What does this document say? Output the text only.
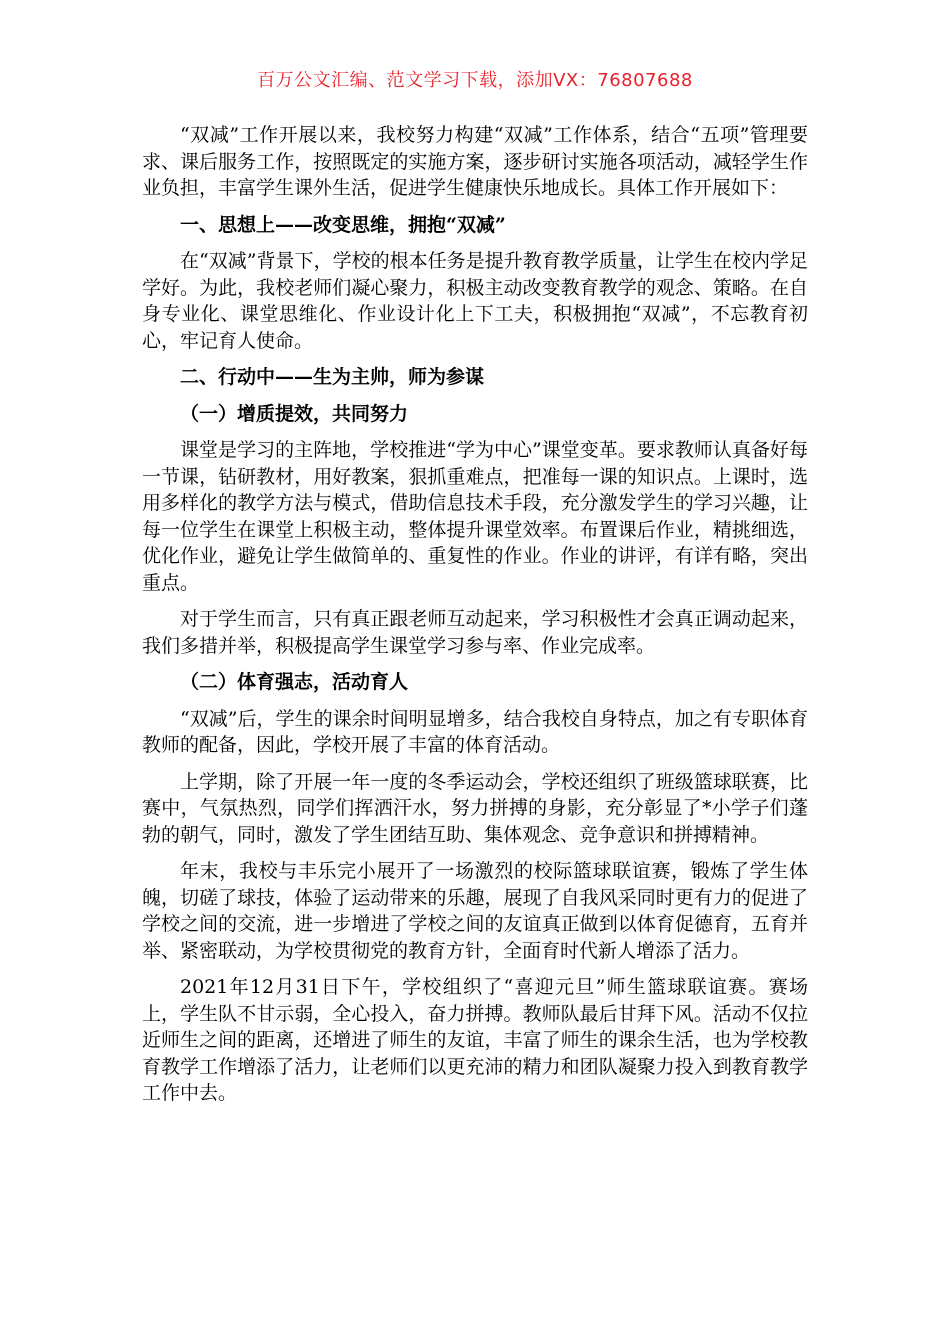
百万公文汇编、范文学习下载，添加VX：76807688

“双减”工作开展以来，我校努力构建“双减”工作体系，结合“五项”管理要求、课后服务工作，按照既定的实施方案，逐步研讨实施各项活动，减轻学生作业负担，丰富学生课外生活，促进学生健康快乐地成长。具体工作开展如下：

一、思想上——改变思维，拥抱“双减”

在“双减”背景下，学校的根本任务是提升教育教学质量，让学生在校内学足学好。为此，我校老师们凝心聚力，积极主动改变教育教学的观念、策略。在自身专业化、课堂思维化、作业设计化上下工夫，积极拥抱“双减”，不忘教育初心，牢记育人使命。

二、行动中——生为主帅，师为参谋

（一）增质提效，共同努力

课堂是学习的主阵地，学校推进“学为中心”课堂变革。要求教师认真备好每一节课，钻研教材，用好教案，狠抓重难点，把准每一课的知识点。上课时，选用多样化的教学方法与模式，借助信息技术手段，充分激发学生的学习兴趣，让每一位学生在课堂上积极主动，整体提升课堂效率。布置课后作业，精挑细选，优化作业，避免让学生做简单的、重复性的作业。作业的讲评，有详有略，突出重点。

对于学生而言，只有真正跟老师互动起来，学习积极性才会真正调动起来，我们多措并举，积极提高学生课堂学习参与率、作业完成率。

（二）体育强志，活动育人

“双减”后，学生的课余时间明显增多，结合我校自身特点，加之有专职体育教师的配备，因此，学校开展了丰富的体育活动。

上学期，除了开展一年一度的冬季运动会，学校还组织了班级篮球联赛，比赛中，气氛热烈，同学们挥洒汗水，努力拼搏的身影，充分彰显了*小学子们蓬勃的朝气，同时，激发了学生团结互助、集体观念、竞争意识和拼搏精神。

年末，我校与丰乐完小展开了一场激烈的校际篮球联谊赛，锻炼了学生体魄，切磋了球技，体验了运动带来的乐趣，展现了自我风采同时更有力的促进了学校之间的交流，进一步增进了学校之间的友谊真正做到以体育促德育，五育并举、紧密联动，为学校贯彻党的教育方针，全面育时代新人增添了活力。

2021年12月31日下午，学校组织了“喜迎元旦”师生篮球联谊赛。赛场上，学生队不甘示弱，全心投入，奋力拼搏。教师队最后甘拜下风。活动不仅拉近师生之间的距离，还增进了师生的友谊，丰富了师生的课余生活，也为学校教育教学工作增添了活力，让老师们以更充沛的精力和团队凝聚力投入到教育教学工作中去。
